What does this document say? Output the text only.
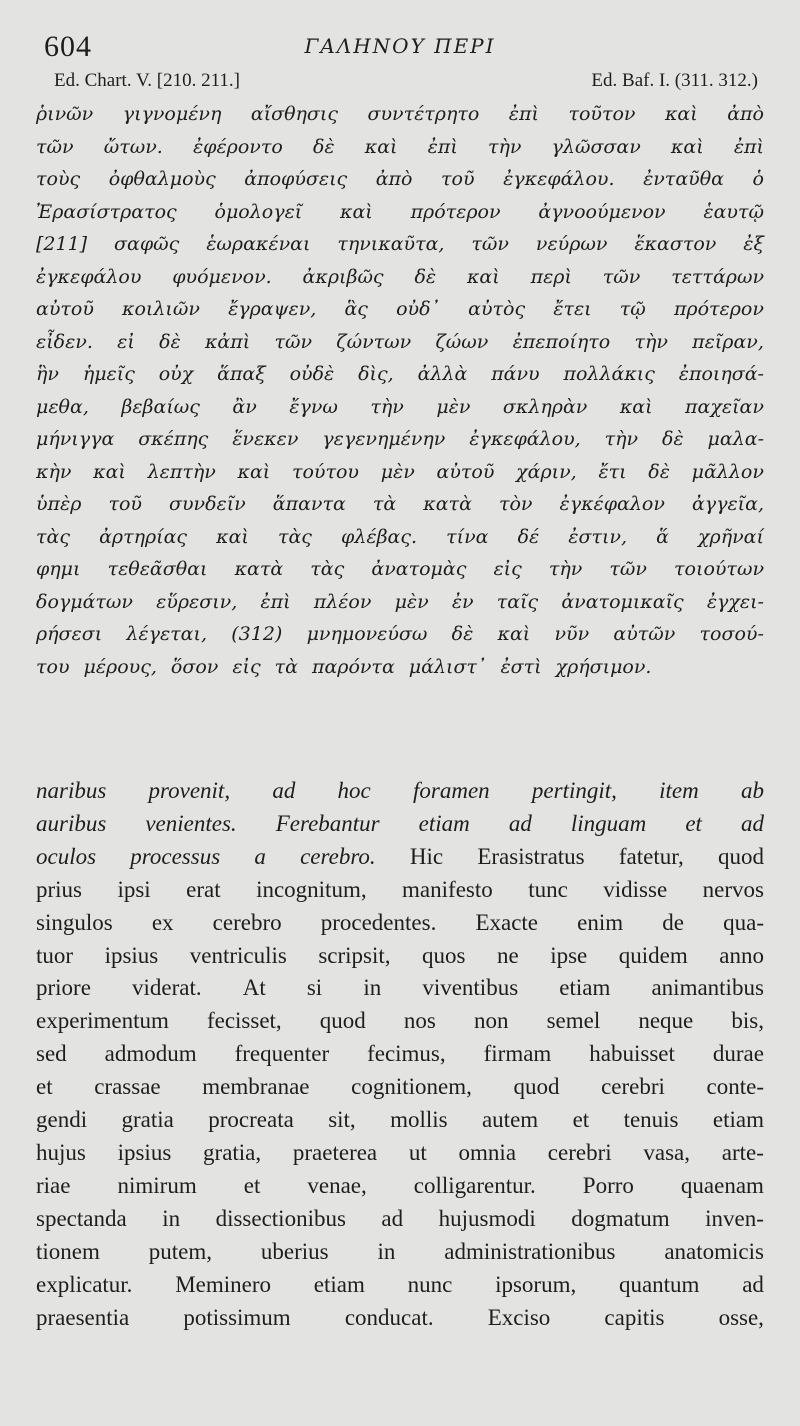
604	ΓΑΛΗΝΟΥ ΠΕΡΙ
Ed. Chart. V. [210. 211.]	Ed. Baf. I. (311. 312.)
ῥινῶν γιγνομένη αἴσθησις συντέτρητο ἐπὶ τοῦτον καὶ ἀπὸ
τῶν ὤτων. ἐφέροντο δὲ καὶ ἐπὶ τὴν γλῶσσαν καὶ ἐπὶ
τοὺς ὀφθαλμοὺς ἀποφύσεις ἀπὸ τοῦ ἐγκεφάλου. ἐνταῦθα ὁ
Ἐρασίστρατος ὁμολογεῖ καὶ πρότερον ἀγνοούμενον ἑαυτῷ
[211] σαφῶς ἑωρακέναι τηνικαῦτα, τῶν νεύρων ἕκαστον ἐξ
ἐγκεφάλου φυόμενον. ἀκριβῶς δὲ καὶ περὶ τῶν τεττάρων
αὐτοῦ κοιλιῶν ἔγραψεν, ἃς οὐδ᾽ αὐτὸς ἔτει τῷ πρότερον
εἶδεν. εἰ δὲ κἀπὶ τῶν ζώντων ζώων ἐπεποίητο τὴν πεῖραν,
ἣν ἡμεῖς οὐχ ἅπαξ οὐδὲ δὶς, ἀλλὰ πάνυ πολλάκις ἐποιησά-
μεθα, βεβαίως ἂν ἔγνω τὴν μὲν σκληρὰν καὶ παχεῖαν
μήνιγγα σκέπης ἕνεκεν γεγενημένην ἐγκεφάλου, τὴν δὲ μαλα-
κὴν καὶ λεπτὴν καὶ τούτου μὲν αὐτοῦ χάριν, ἔτι δὲ μᾶλλον
ὑπὲρ τοῦ συνδεῖν ἅπαντα τὰ κατὰ τὸν ἐγκέφαλον ἀγγεῖα,
τὰς ἀρτηρίας καὶ τὰς φλέβας. τίνα δέ ἐστιν, ἅ χρῆναί
φημι τεθεᾶσθαι κατὰ τὰς ἀνατομὰς εἰς τὴν τῶν τοιούτων
δογμάτων εὕρεσιν, ἐπὶ πλέον μὲν ἐν ταῖς ἀνατομικαῖς ἐγχει-
ρήσεσι λέγεται, (312) μνημονεύσω δὲ καὶ νῦν αὐτῶν τοσού-
του μέρους, ὅσον εἰς τὰ παρόντα μάλιστ᾽ ἐστὶ χρήσιμον.
naribus provenit, ad hoc foramen pertingit, item ab
auribus venientes. Ferebantur etiam ad linguam et ad
oculos processus a cerebro. Hic Erasistratus fatetur, quod
prius ipsi erat incognitum, manifesto tunc vidisse nervos
singulos ex cerebro procedentes. Exacte enim de qua-
tuor ipsius ventriculis scripsit, quos ne ipse quidem anno
priore viderat. At si in viventibus etiam animantibus
experimentum fecisset, quod nos non semel neque bis,
sed admodum frequenter fecimus, firmam habuisset durae
et crassae membranae cognitionem, quod cerebri conte-
gendi gratia procreata sit, mollis autem et tenuis etiam
hujus ipsius gratia, praeterea ut omnia cerebri vasa, arte-
riae nimirum et venae, colligarentur. Porro quaenam
spectanda in dissectionibus ad hujusmodi dogmatum inven-
tionem putem, uberius in administrationibus anatomicis
explicatur. Meminero etiam nunc ipsorum, quantum ad
praesentia potissimum conducat. Exciso capitis osse,
